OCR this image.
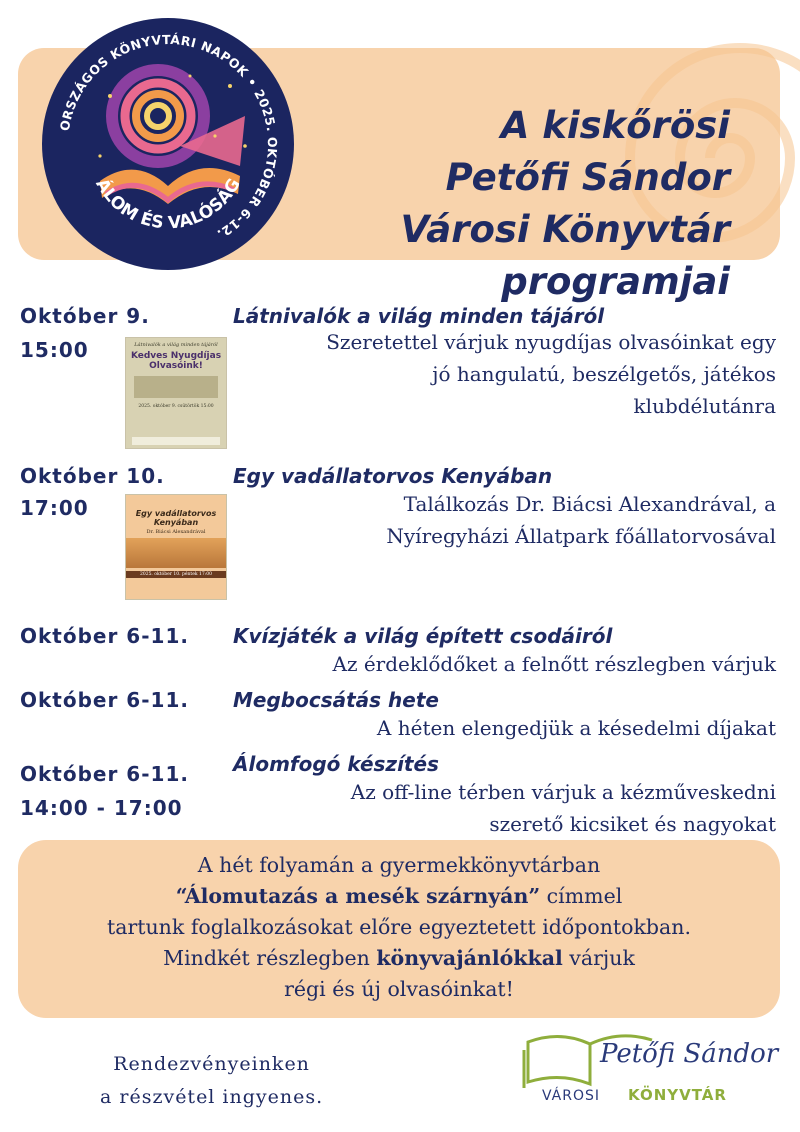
A kiskőrösi
Petőfi Sándor
Városi Könyvtár
programjai
ORSZÁGOS KÖNYVTÁRI NAPOK • 2025. OKTÓBER 6-12.
ÁLOM ÉS VALÓSÁG
Október 9.
15:00
Látnivalók a világ minden tájáról
Szeretettel várjuk nyugdíjas olvasóinkat egy
jó hangulatú, beszélgetős, játékos
klubdélutánra
Látnivalók a világ minden tájáról
Kedves Nyugdíjas Olvasóink!
2025. október 9. csütörtök 15:00
Október 10.
17:00
Egy vadállatorvos Kenyában
Találkozás Dr. Biácsi Alexandrával, a
Nyíregyházi Állatpark főállatorvosával
Egy vadállatorvos Kenyában
Dr. Biácsi Alexandrával
2025. október 10. péntek 17:00
Október 6-11. Kvízjáték a világ épített csodáiról
Az érdeklődőket a felnőtt részlegben várjuk
Október 6-11. Megbocsátás hete
A héten elengedjük a késedelmi díjakat
Október 6-11.
14:00 - 17:00
Álomfogó készítés
Az off-line térben várjuk a kézműveskedni
szerető kicsiket és nagyokat
A hét folyamán a gyermekkönyvtárban
“Álomutazás a mesék szárnyán” címmel
tartunk foglalkozásokat előre egyeztetett időpontokban.
Mindkét részlegben könyvajánlókkal várjuk
régi és új olvasóinkat!
Rendezvényeinken
a részvétel ingyenes.
Petőfi Sándor
VÁROSI KÖNYVTÁR
